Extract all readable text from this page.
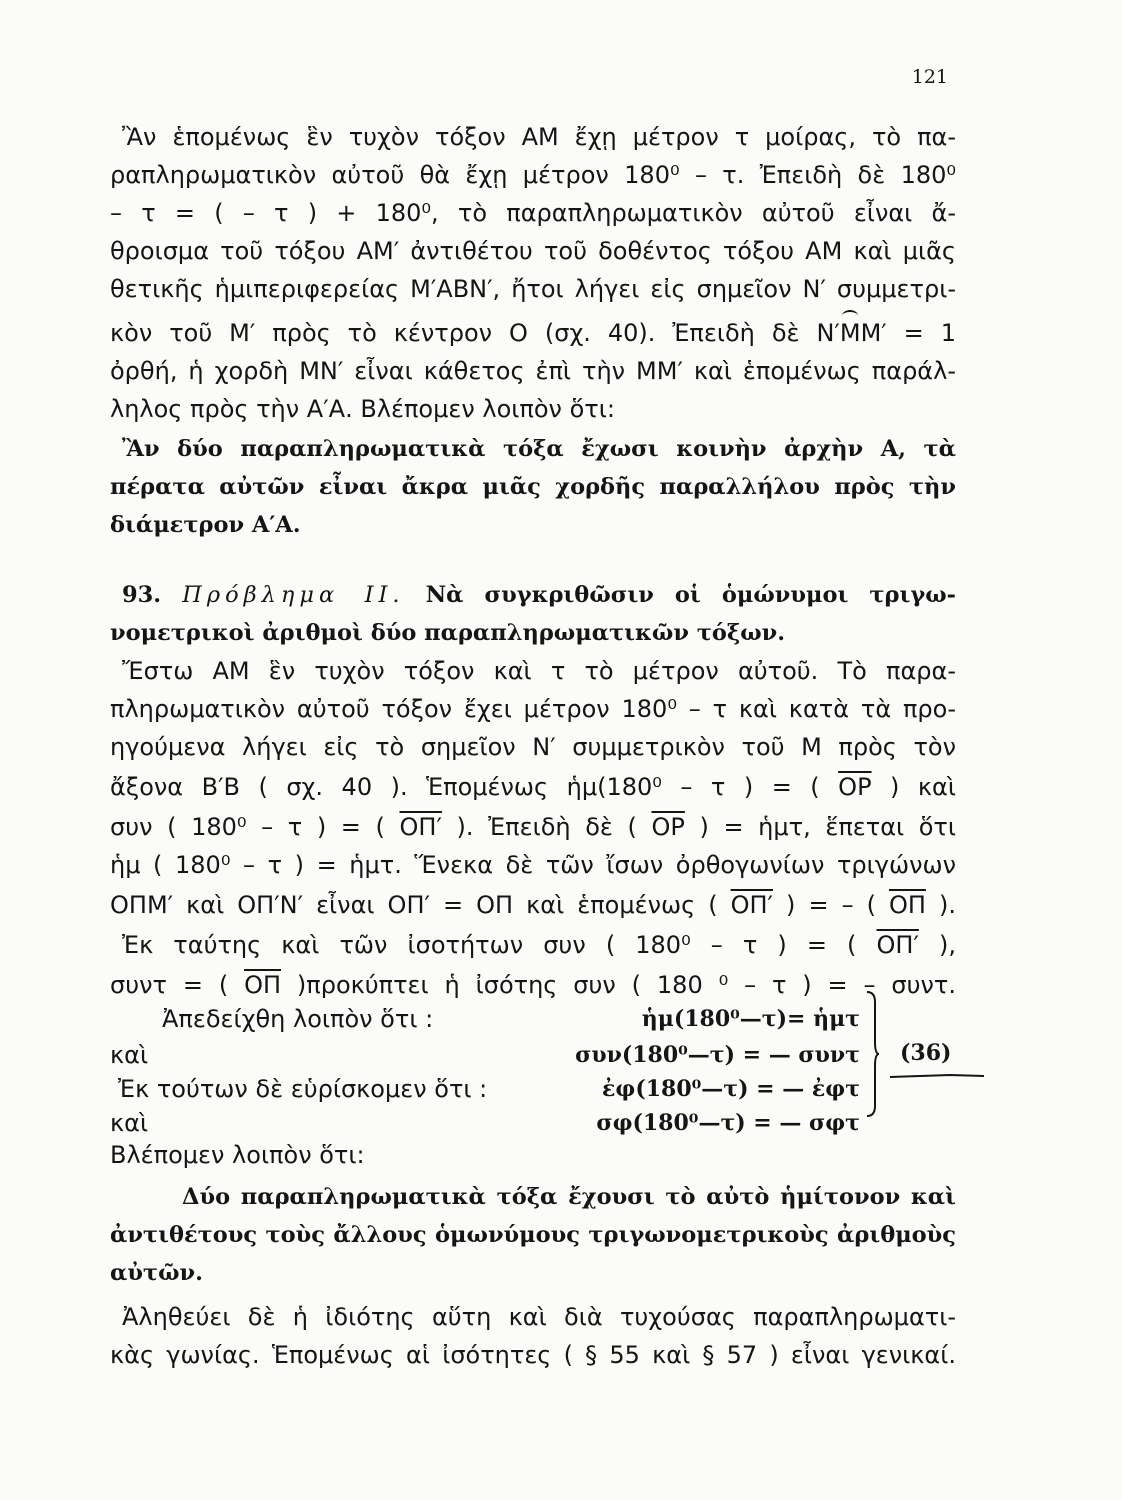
121
Ἂν ἑπομένως ἓν τυχὸν τόξον ΑΜ ἔχῃ μέτρον τ μοίρας, τὸ πα-
ραπληρωματικὸν αὐτοῦ θὰ ἔχῃ μέτρον 180⁰ – τ. Ἐπειδὴ δὲ 180⁰
– τ = ( – τ ) + 180⁰, τὸ παραπληρωματικὸν αὐτοῦ εἶναι ἄ-
θροισμα τοῦ τόξου ΑΜ′ ἀντιθέτου τοῦ δοθέντος τόξου ΑΜ καὶ μιᾶς
θετικῆς ἡμιπεριφερείας Μ′ΑΒΝ′, ἤτοι λήγει εἰς σημεῖον Ν′ συμμετρι-
κὸν τοῦ Μ′ πρὸς τὸ κέντρον Ο (σχ. 40). Ἐπειδὴ δὲ Ν′ΜΜ′ = 1
ὀρθή, ἡ χορδὴ ΜΝ′ εἶναι κάθετος ἐπὶ τὴν ΜΜ′ καὶ ἑπομένως παράλ-
ληλος πρὸς τὴν Α′Α. Βλέπομεν λοιπὸν ὅτι:
Ἂν δύο παραπληρωματικὰ τόξα ἔχωσι κοινὴν ἀρχὴν Α, τὰ
πέρατα αὐτῶν εἶναι ἄκρα μιᾶς χορδῆς παραλλήλου πρὸς τὴν
διάμετρον Α′Α.
93. Πρόβλημα ΙΙ. Νὰ συγκριθῶσιν οἱ ὁμώνυμοι τριγω-
νομετρικοὶ ἀριθμοὶ δύο παραπληρωματικῶν τόξων.
Ἔστω ΑΜ ἓν τυχὸν τόξον καὶ τ τὸ μέτρον αὐτοῦ. Τὸ παρα-
πληρωματικὸν αὐτοῦ τόξον ἔχει μέτρον 180⁰ – τ καὶ κατὰ τὰ προ-
ηγούμενα λήγει εἰς τὸ σημεῖον Ν′ συμμετρικὸν τοῦ Μ πρὸς τὸν
ἄξονα Β′Β ( σχ. 40 ). Ἑπομένως ἡμ(180⁰ – τ ) = ( $\overline{OP}$ ) καὶ
συν ( 180⁰ – τ ) = ( ΟΠ′ ). Ἐπειδὴ δὲ ( $\overline{OP}$ ) = ἡμτ, ἕπεται ὅτι
ἡμ ( 180⁰ – τ ) = ἡμτ. Ἕνεκα δὲ τῶν ἴσων ὀρθογωνίων τριγώνων
ΟΠΜ′ καὶ ΟΠ′Ν′ εἶναι ΟΠ′ = ΟΠ καὶ ἑπομένως ( ΟΠ′ ) = – ( $\overline{O\Pi}$ ).
Ἐκ ταύτης καὶ τῶν ἰσοτήτων συν ( 180⁰ – τ ) = ( ΟΠ′ ),
συντ = ( $\overline{O\Pi}$ )προκύπτει ἡ ἰσότης συν ( 180 ⁰ – τ ) = – συντ.
Ἀπεδείχθη λοιπὸν ὅτι :	ἡμ(180⁰—τ)= ἡμτ
καὶ	συν(180⁰—τ) = — συντ
Ἐκ τούτων δὲ εὑρίσκομεν ὅτι :	ἐφ(180⁰—τ) = — ἐφτ
καὶ	σφ(180⁰—τ) = — σφτ
(36)
Βλέπομεν λοιπὸν ὅτι:
Δύο παραπληρωματικὰ τόξα ἔχουσι τὸ αὐτὸ ἡμίτονον καὶ
ἀντιθέτους τοὺς ἄλλους ὁμωνύμους τριγωνομετρικοὺς ἀριθμοὺς
αὐτῶν.
Ἀληθεύει δὲ ἡ ἰδιότης αὕτη καὶ διὰ τυχούσας παραπληρωματι-
κὰς γωνίας. Ἑπομένως αἱ ἰσότητες ( § 55 καὶ § 57 ) εἶναι γενικαί.
